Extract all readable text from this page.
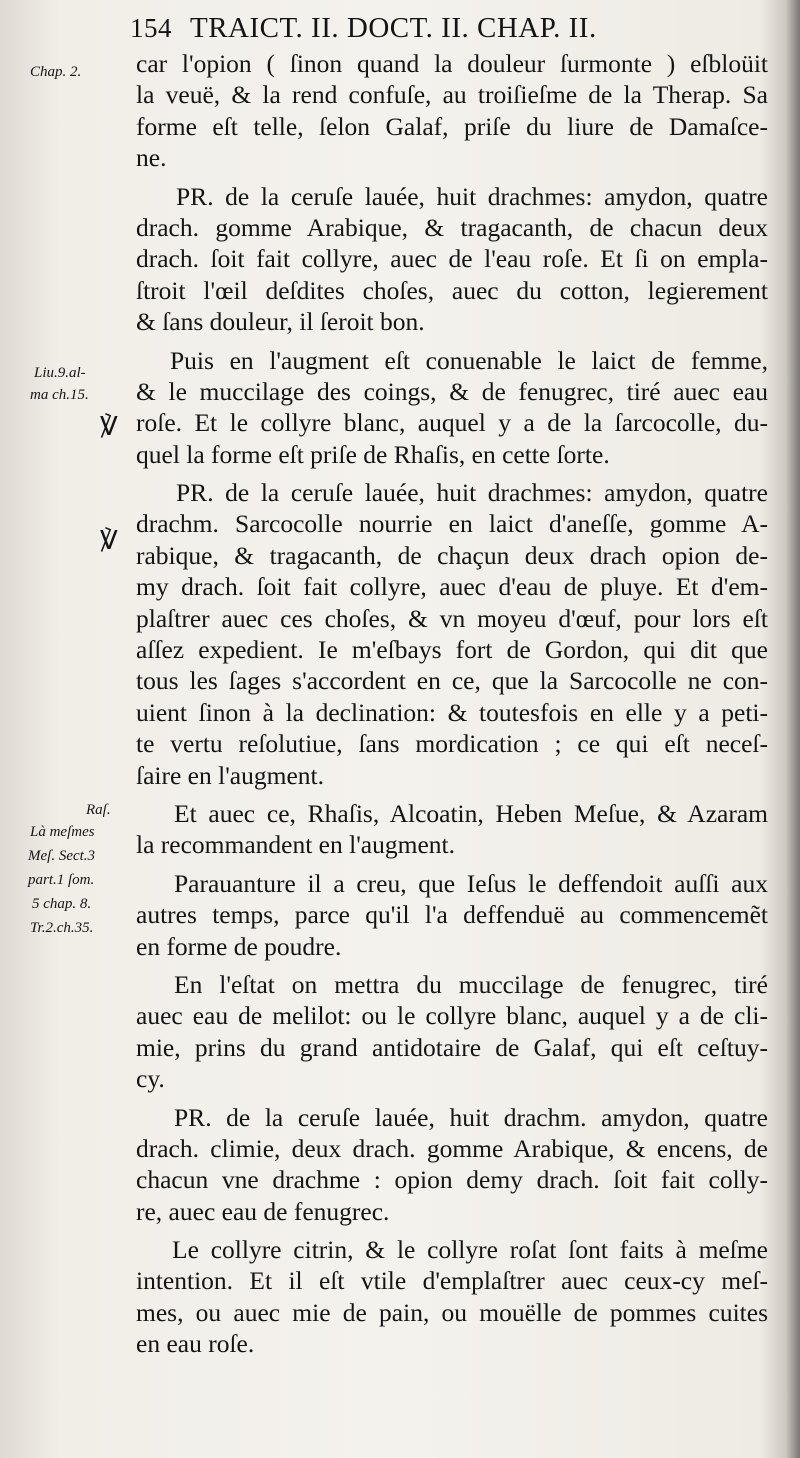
154 TRAICT. II. DOCT. II. CHAP. II.
Chap. 2.
Liu.9.al-
ma ch.15.
℣
℣
Raſ.
Là meſmes
Meſ. Sect.3
part.1 ſom.
5 chap. 8.
Tr.2.ch.35.
car l'opion ( ſinon quand la douleur ſurmonte ) eſbloüit
la veuë, & la rend confuſe, au troiſieſme de la Therap. Sa
forme eſt telle, ſelon Galaf, priſe du liure de Damaſce-
ne.
PR. de la ceruſe lauée, huit drachmes: amydon, quatre
drach. gomme Arabique, & tragacanth, de chacun deux
drach. ſoit fait collyre, auec de l'eau roſe. Et ſi on empla-
ſtroit l'œil deſdites choſes, auec du cotton, legierement
& ſans douleur, il ſeroit bon.
Puis en l'augment eſt conuenable le laict de femme,
& le muccilage des coings, & de fenugrec, tiré auec eau
roſe. Et le collyre blanc, auquel y a de la ſarcocolle, du-
quel la forme eſt priſe de Rhaſis, en cette ſorte.
PR. de la ceruſe lauée, huit drachmes: amydon, quatre
drachm. Sarcocolle nourrie en laict d'aneſſe, gomme A-
rabique, & tragacanth, de chaçun deux drach opion de-
my drach. ſoit fait collyre, auec d'eau de pluye. Et d'em-
plaſtrer auec ces choſes, & vn moyeu d'œuf, pour lors eſt
aſſez expedient. Ie m'eſbays fort de Gordon, qui dit que
tous les ſages s'accordent en ce, que la Sarcocolle ne con-
uient ſinon à la declination: & toutesfois en elle y a peti-
te vertu reſolutiue, ſans mordication ; ce qui eſt neceſ-
ſaire en l'augment.
Et auec ce, Rhaſis, Alcoatin, Heben Meſue, & Azaram
la recommandent en l'augment.
Parauanture il a creu, que Ieſus le deffendoit auſſi aux
autres temps, parce qu'il l'a deffenduë au commencemẽt
en forme de poudre.
En l'eſtat on mettra du muccilage de fenugrec, tiré
auec eau de melilot: ou le collyre blanc, auquel y a de cli-
mie, prins du grand antidotaire de Galaf, qui eſt ceſtuy-
cy.
PR. de la ceruſe lauée, huit drachm. amydon, quatre
drach. climie, deux drach. gomme Arabique, & encens, de
chacun vne drachme : opion demy drach. ſoit fait colly-
re, auec eau de fenugrec.
Le collyre citrin, & le collyre roſat ſont faits à meſme
intention. Et il eſt vtile d'emplaſtrer auec ceux-cy meſ-
mes, ou auec mie de pain, ou mouëlle de pommes cuites
en eau roſe.
